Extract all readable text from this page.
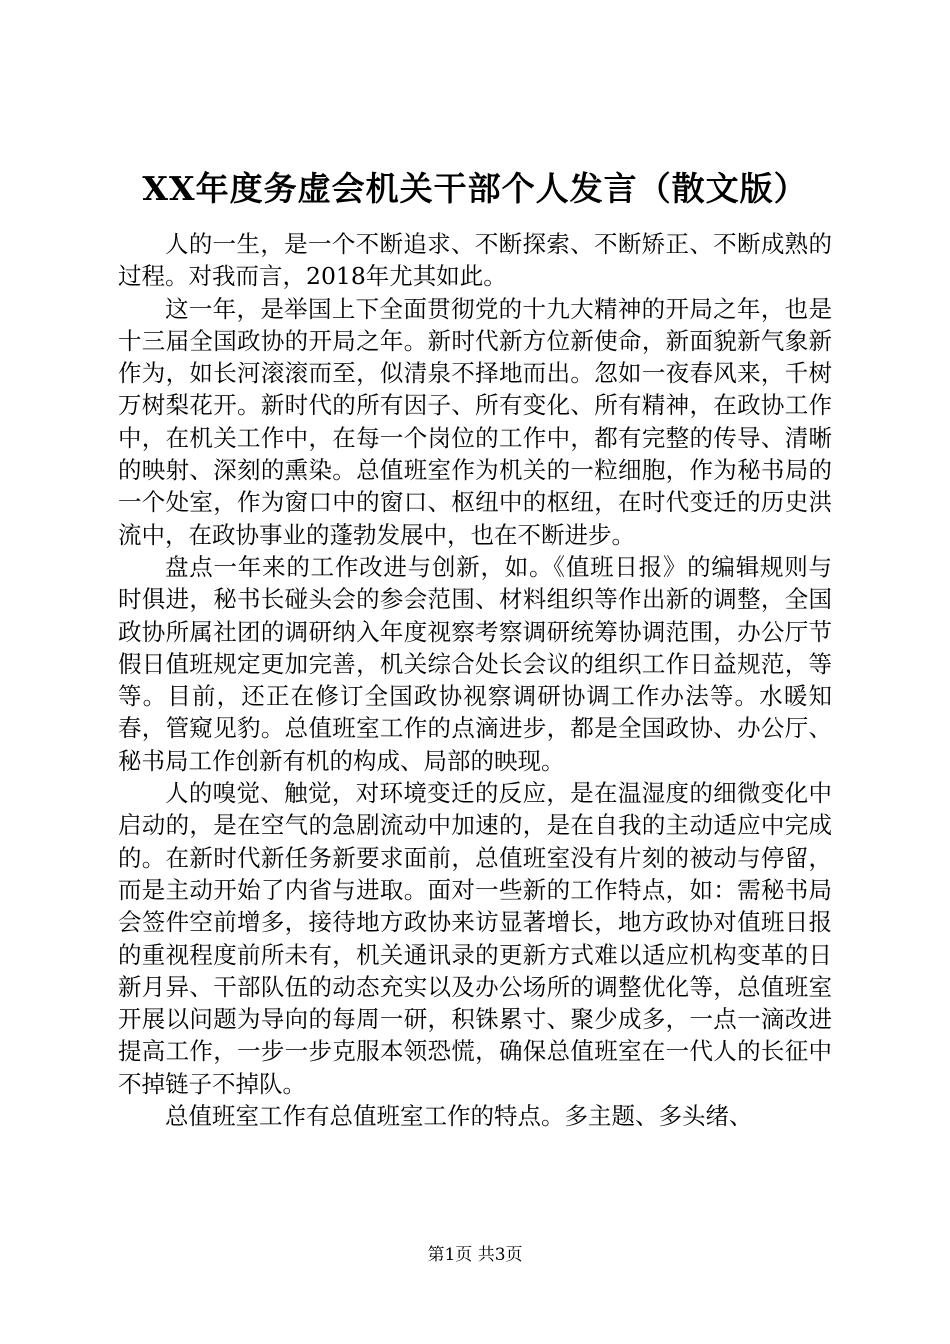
XX年度务虚会机关干部个人发言（散文版）

人的一生，是一个不断追求、不断探索、不断矫正、不断成熟的过程。对我而言，2018年尤其如此。

这一年，是举国上下全面贯彻党的十九大精神的开局之年，也是十三届全国政协的开局之年。新时代新方位新使命，新面貌新气象新作为，如长河滚滚而至，似清泉不择地而出。忽如一夜春风来，千树万树梨花开。新时代的所有因子、所有变化、所有精神，在政协工作中，在机关工作中，在每一个岗位的工作中，都有完整的传导、清晰的映射、深刻的熏染。总值班室作为机关的一粒细胞，作为秘书局的一个处室，作为窗口中的窗口、枢纽中的枢纽，在时代变迁的历史洪流中，在政协事业的蓬勃发展中，也在不断进步。

盘点一年来的工作改进与创新，如。《值班日报》的编辑规则与时俱进，秘书长碰头会的参会范围、材料组织等作出新的调整，全国政协所属社团的调研纳入年度视察考察调研统筹协调范围，办公厅节假日值班规定更加完善，机关综合处长会议的组织工作日益规范，等等。目前，还正在修订全国政协视察调研协调工作办法等。水暖知春，管窥见豹。总值班室工作的点滴进步，都是全国政协、办公厅、秘书局工作创新有机的构成、局部的映现。

人的嗅觉、触觉，对环境变迁的反应，是在温湿度的细微变化中启动的，是在空气的急剧流动中加速的，是在自我的主动适应中完成的。在新时代新任务新要求面前，总值班室没有片刻的被动与停留，而是主动开始了内省与进取。面对一些新的工作特点，如：需秘书局会签件空前增多，接待地方政协来访显著增长，地方政协对值班日报的重视程度前所未有，机关通讯录的更新方式难以适应机构变革的日新月异、干部队伍的动态充实以及办公场所的调整优化等，总值班室开展以问题为导向的每周一研，积铢累寸、聚少成多，一点一滴改进提高工作，一步一步克服本领恐慌，确保总值班室在一代人的长征中不掉链子不掉队。

总值班室工作有总值班室工作的特点。多主题、多头绪、

第1页 共3页
